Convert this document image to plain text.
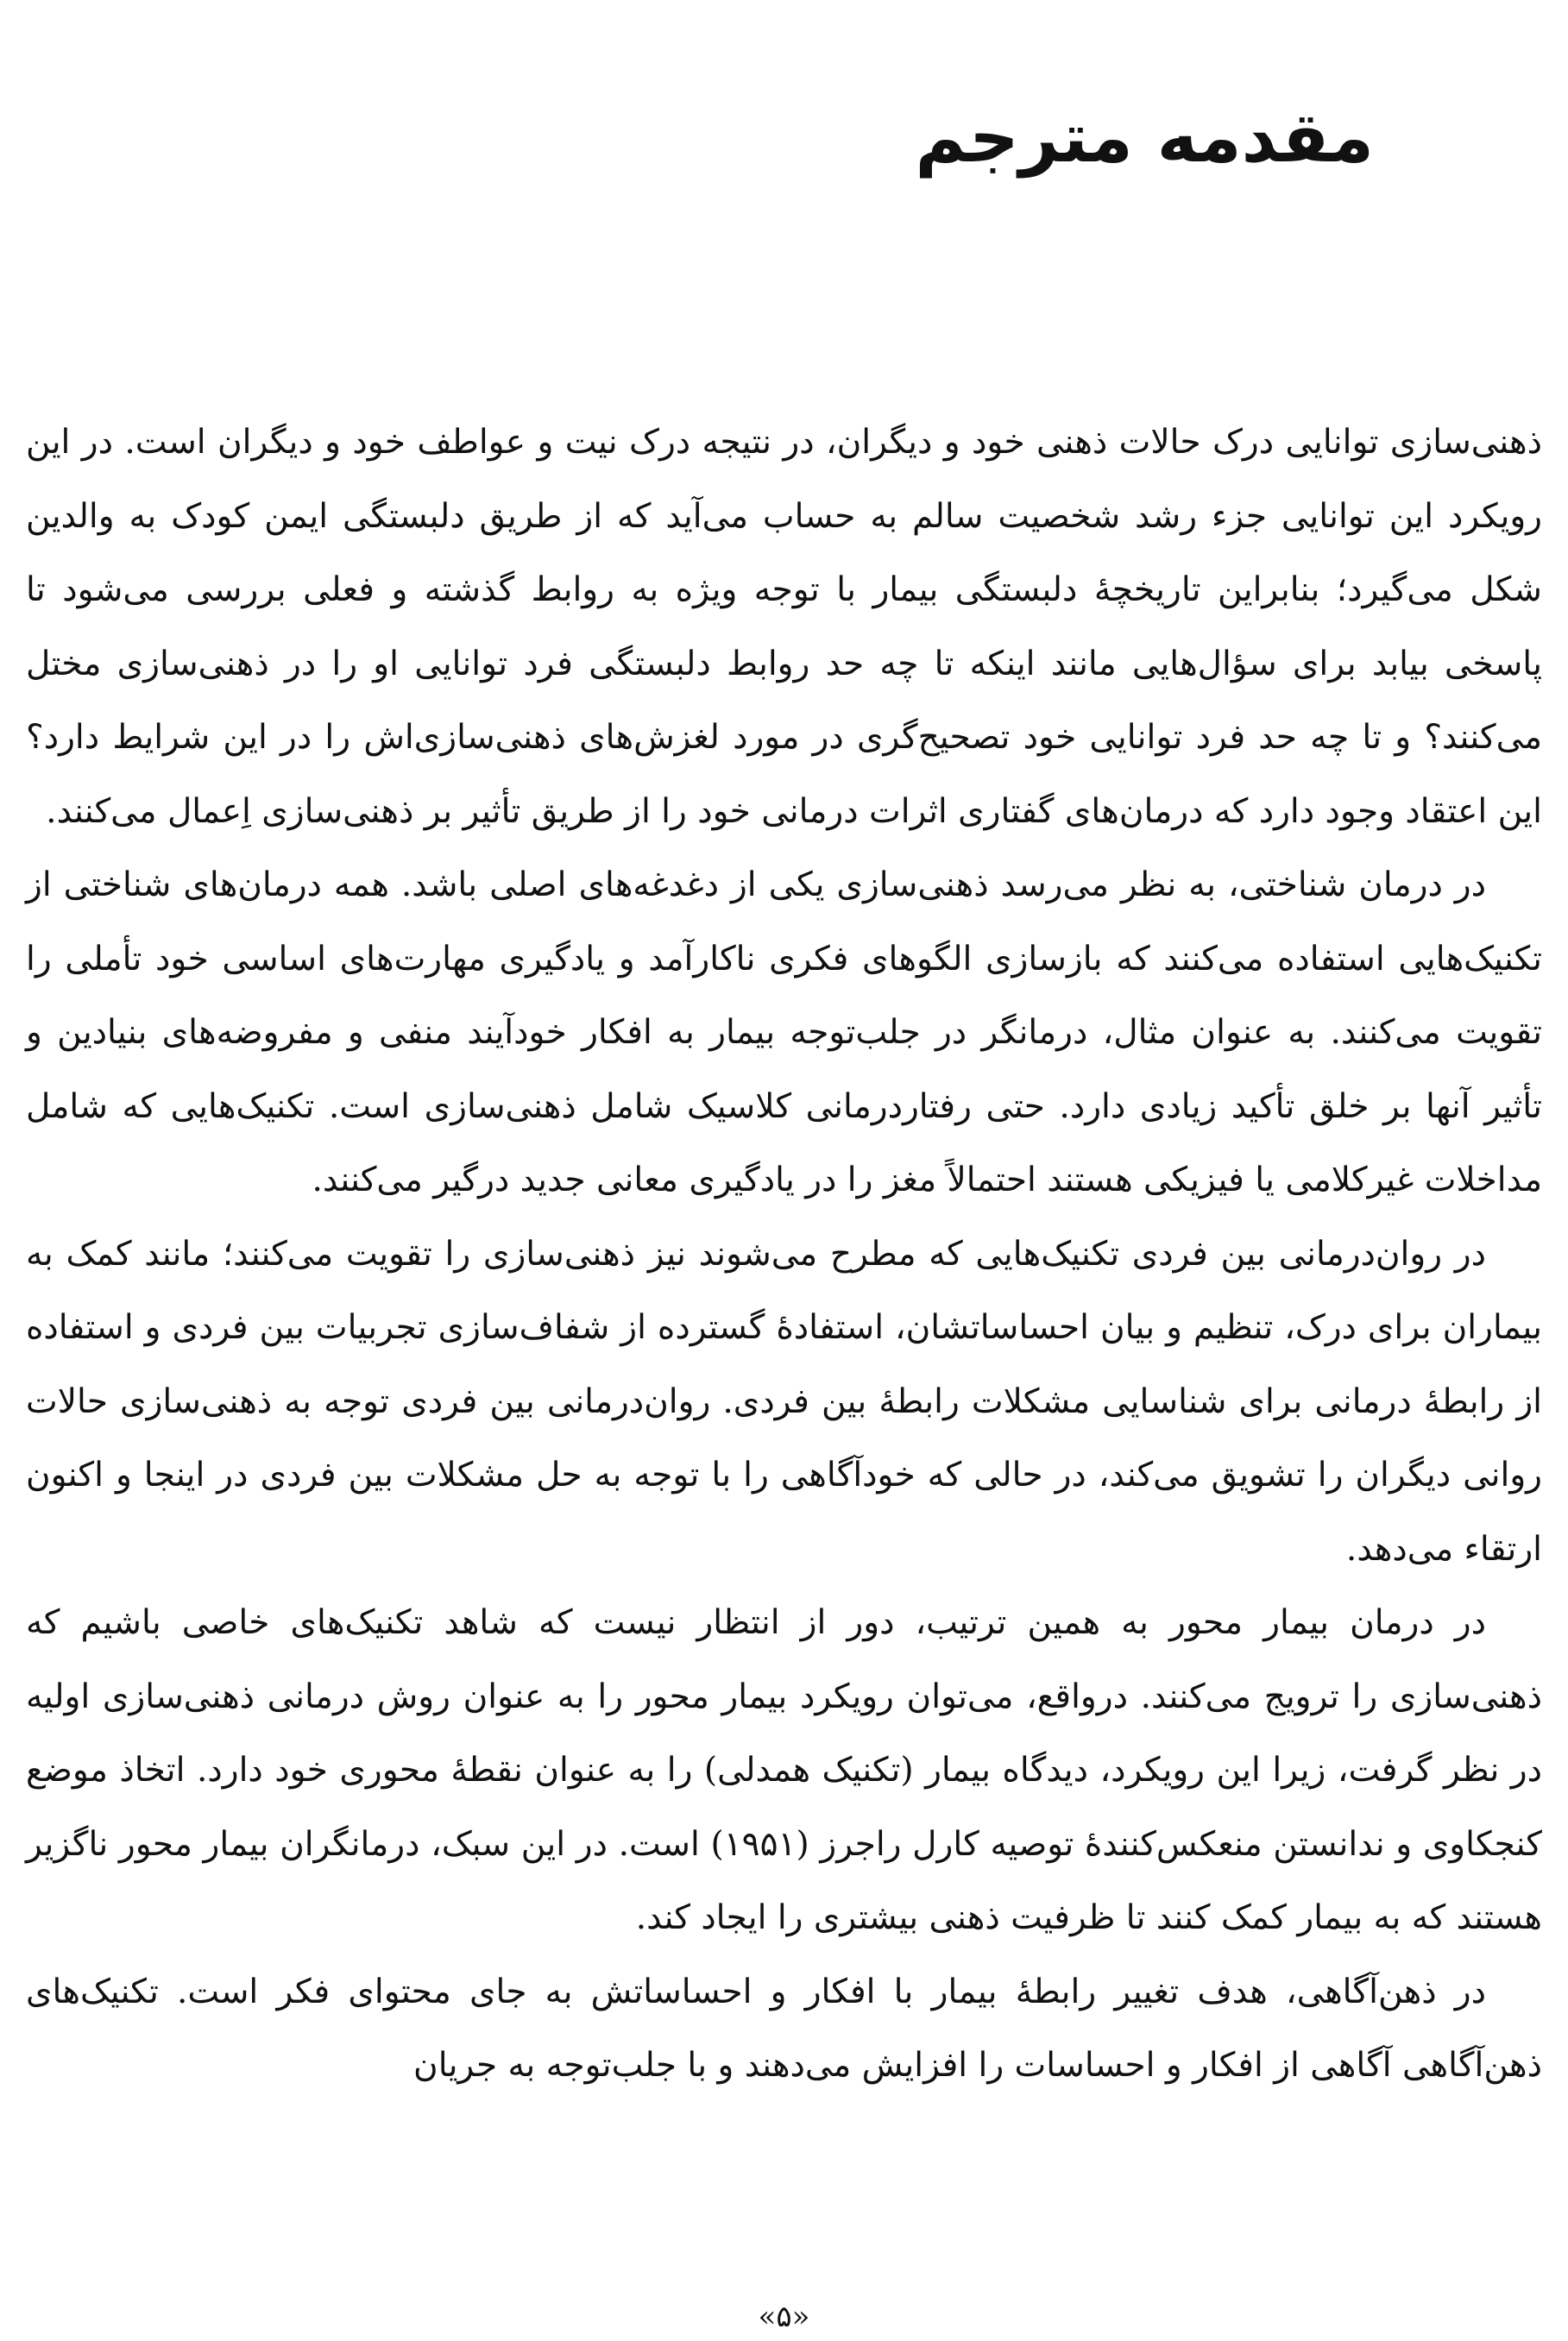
مقدمه مترجم

ذهنی‌سازی توانایی درک حالات ذهنی خود و دیگران، در نتیجه درک نیت و عواطف خود و دیگران است. در این رویکرد این توانایی جزء رشد شخصیت سالم به حساب می‌آید که از طریق دلبستگی ایمن کودک به والدین شکل می‌گیرد؛ بنابراین تاریخچهٔ دلبستگی بیمار با توجه ویژه به روابط گذشته و فعلی بررسی می‌شود تا پاسخی بیابد برای سؤال‌هایی مانند اینکه تا چه حد روابط دلبستگی فرد توانایی او را در ذهنی‌سازی مختل می‌کنند؟ و تا چه حد فرد توانایی خود تصحیح‌گری در مورد لغزش‌های ذهنی‌سازی‌اش را در این شرایط دارد؟ این اعتقاد وجود دارد که درمان‌های گفتاری اثرات درمانی خود را از طریق تأثیر بر ذهنی‌سازی اِعمال می‌کنند.

در درمان شناختی، به نظر می‌رسد ذهنی‌سازی یکی از دغدغه‌های اصلی باشد. همه درمان‌های شناختی از تکنیک‌هایی استفاده می‌کنند که بازسازی الگوهای فکری ناکارآمد و یادگیری مهارت‌های اساسی خود تأملی را تقویت می‌کنند. به عنوان مثال، درمانگر در جلب‌توجه بیمار به افکار خودآیند منفی و مفروضه‌های بنیادین و تأثیر آنها بر خلق تأکید زیادی دارد. حتی رفتاردرمانی کلاسیک شامل ذهنی‌سازی است. تکنیک‌هایی که شامل مداخلات غیرکلامی یا فیزیکی هستند احتمالاً مغز را در یادگیری معانی جدید درگیر می‌کنند.

در روان‌درمانی بین فردی تکنیک‌هایی که مطرح می‌شوند نیز ذهنی‌سازی را تقویت می‌کنند؛ مانند کمک به بیماران برای درک، تنظیم و بیان احساساتشان، استفادهٔ گسترده از شفاف‌سازی تجربیات بین فردی و استفاده از رابطهٔ درمانی برای شناسایی مشکلات رابطهٔ بین فردی. روان‌درمانی بین فردی توجه به ذهنی‌سازی حالات روانی دیگران را تشویق می‌کند، در حالی که خودآگاهی را با توجه به حل مشکلات بین فردی در اینجا و اکنون ارتقاء می‌دهد.

در درمان بیمار محور به همین ترتیب، دور از انتظار نیست که شاهد تکنیک‌های خاصی باشیم که ذهنی‌سازی را ترویج می‌کنند. درواقع، می‌توان رویکرد بیمار محور را به عنوان روش درمانی ذهنی‌سازی اولیه در نظر گرفت، زیرا این رویکرد، دیدگاه بیمار (تکنیک همدلی) را به عنوان نقطهٔ محوری خود دارد. اتخاذ موضع کنجکاوی و ندانستن منعکس‌کنندهٔ توصیه کارل راجرز (۱۹۵۱) است. در این سبک، درمانگران بیمار محور ناگزیر هستند که به بیمار کمک کنند تا ظرفیت ذهنی بیشتری را ایجاد کند.

در ذهن‌آگاهی، هدف تغییر رابطهٔ بیمار با افکار و احساساتش به جای محتوای فکر است. تکنیک‌های ذهن‌آگاهی آگاهی از افکار و احساسات را افزایش می‌دهند و با جلب‌توجه به جریان

«۵»
